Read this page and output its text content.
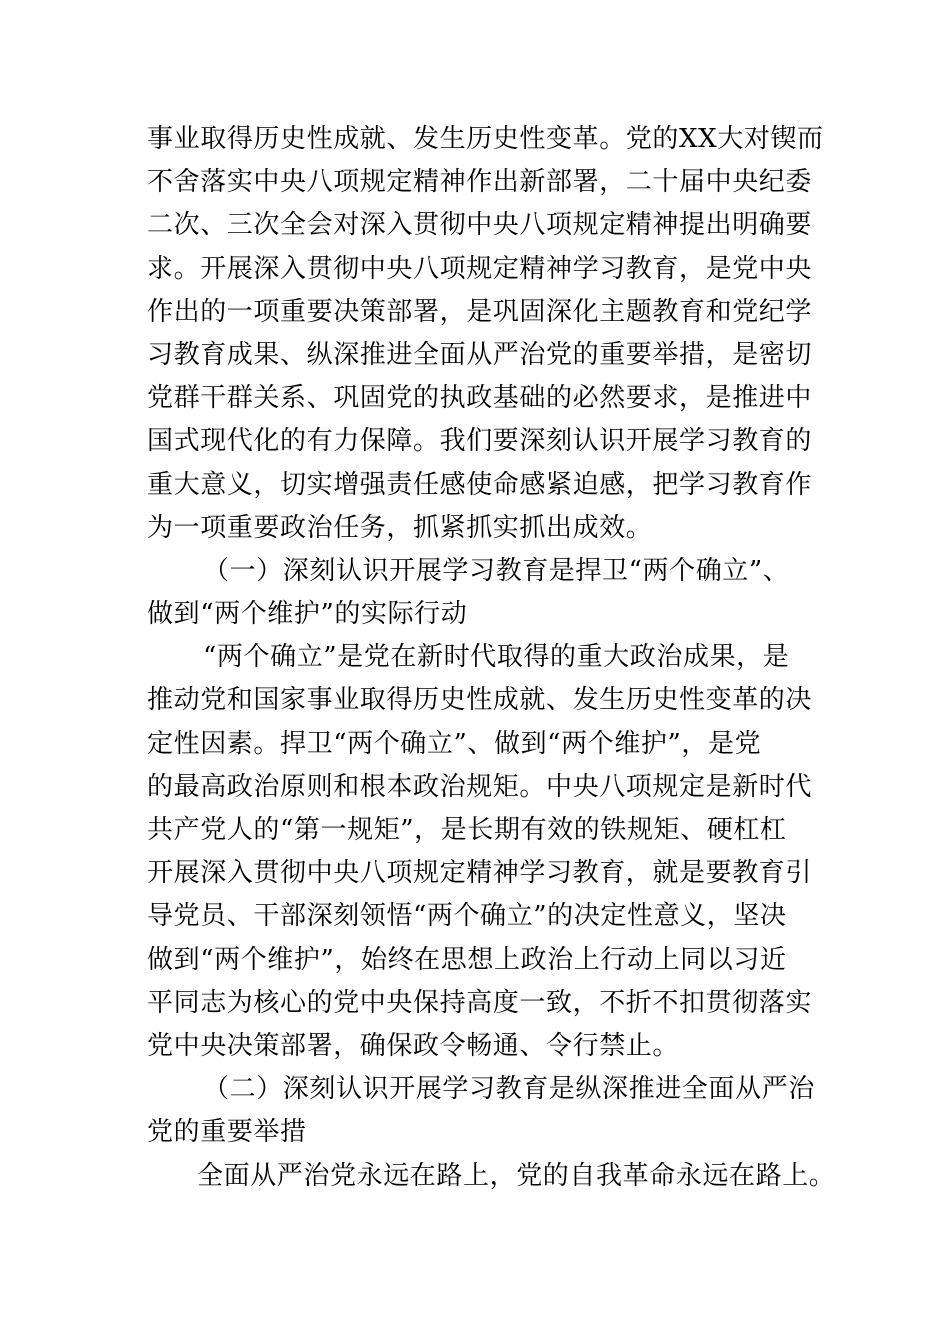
事业取得历史性成就、发生历史性变革。党的XX大对锲而
不舍落实中央八项规定精神作出新部署，二十届中央纪委
二次、三次全会对深入贯彻中央八项规定精神提出明确要
求。开展深入贯彻中央八项规定精神学习教育，是党中央
作出的一项重要决策部署，是巩固深化主题教育和党纪学
习教育成果、纵深推进全面从严治党的重要举措，是密切
党群干群关系、巩固党的执政基础的必然要求，是推进中
国式现代化的有力保障。我们要深刻认识开展学习教育的
重大意义，切实增强责任感使命感紧迫感，把学习教育作
为一项重要政治任务，抓紧抓实抓出成效。
（一）深刻认识开展学习教育是捍卫“两个确立”、
做到“两个维护”的实际行动
“两个确立”是党在新时代取得的重大政治成果，是
推动党和国家事业取得历史性成就、发生历史性变革的决
定性因素。捍卫“两个确立”、做到“两个维护”，是党
的最高政治原则和根本政治规矩。中央八项规定是新时代
共产党人的“第一规矩”，是长期有效的铁规矩、硬杠杠
开展深入贯彻中央八项规定精神学习教育，就是要教育引
导党员、干部深刻领悟“两个确立”的决定性意义，坚决
做到“两个维护”，始终在思想上政治上行动上同以习近
平同志为核心的党中央保持高度一致，不折不扣贯彻落实
党中央决策部署，确保政令畅通、令行禁止。
（二）深刻认识开展学习教育是纵深推进全面从严治
党的重要举措
全面从严治党永远在路上，党的自我革命永远在路上。
